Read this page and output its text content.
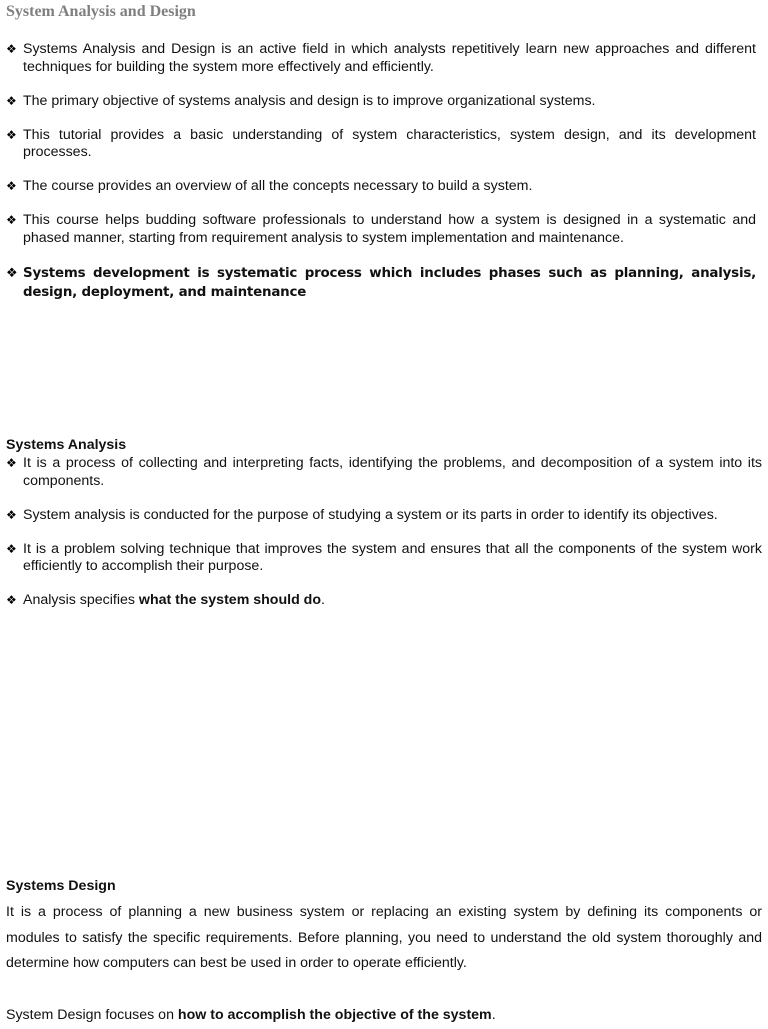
System Analysis and Design
❖ Systems Analysis and Design is an active field in which analysts repetitively learn new approaches and different techniques for building the system more effectively and efficiently.
❖ The primary objective of systems analysis and design is to improve organizational systems.
❖ This tutorial provides a basic understanding of system characteristics, system design, and its development processes.
❖ The course provides an overview of all the concepts necessary to build a system.
❖ This course helps budding software professionals to understand how a system is designed in a systematic and phased manner, starting from requirement analysis to system implementation and maintenance.
❖ Systems development is systematic process which includes phases such as planning, analysis, design, deployment, and maintenance
Systems Analysis
❖ It is a process of collecting and interpreting facts, identifying the problems, and decomposition of a system into its components.
❖ System analysis is conducted for the purpose of studying a system or its parts in order to identify its objectives.
❖ It is a problem solving technique that improves the system and ensures that all the components of the system work efficiently to accomplish their purpose.
❖ Analysis specifies what the system should do.
Systems Design

It is a process of planning a new business system or replacing an existing system by defining its components or modules to satisfy the specific requirements. Before planning, you need to understand the old system thoroughly and determine how computers can best be used in order to operate efficiently.

System Design focuses on how to accomplish the objective of the system.
